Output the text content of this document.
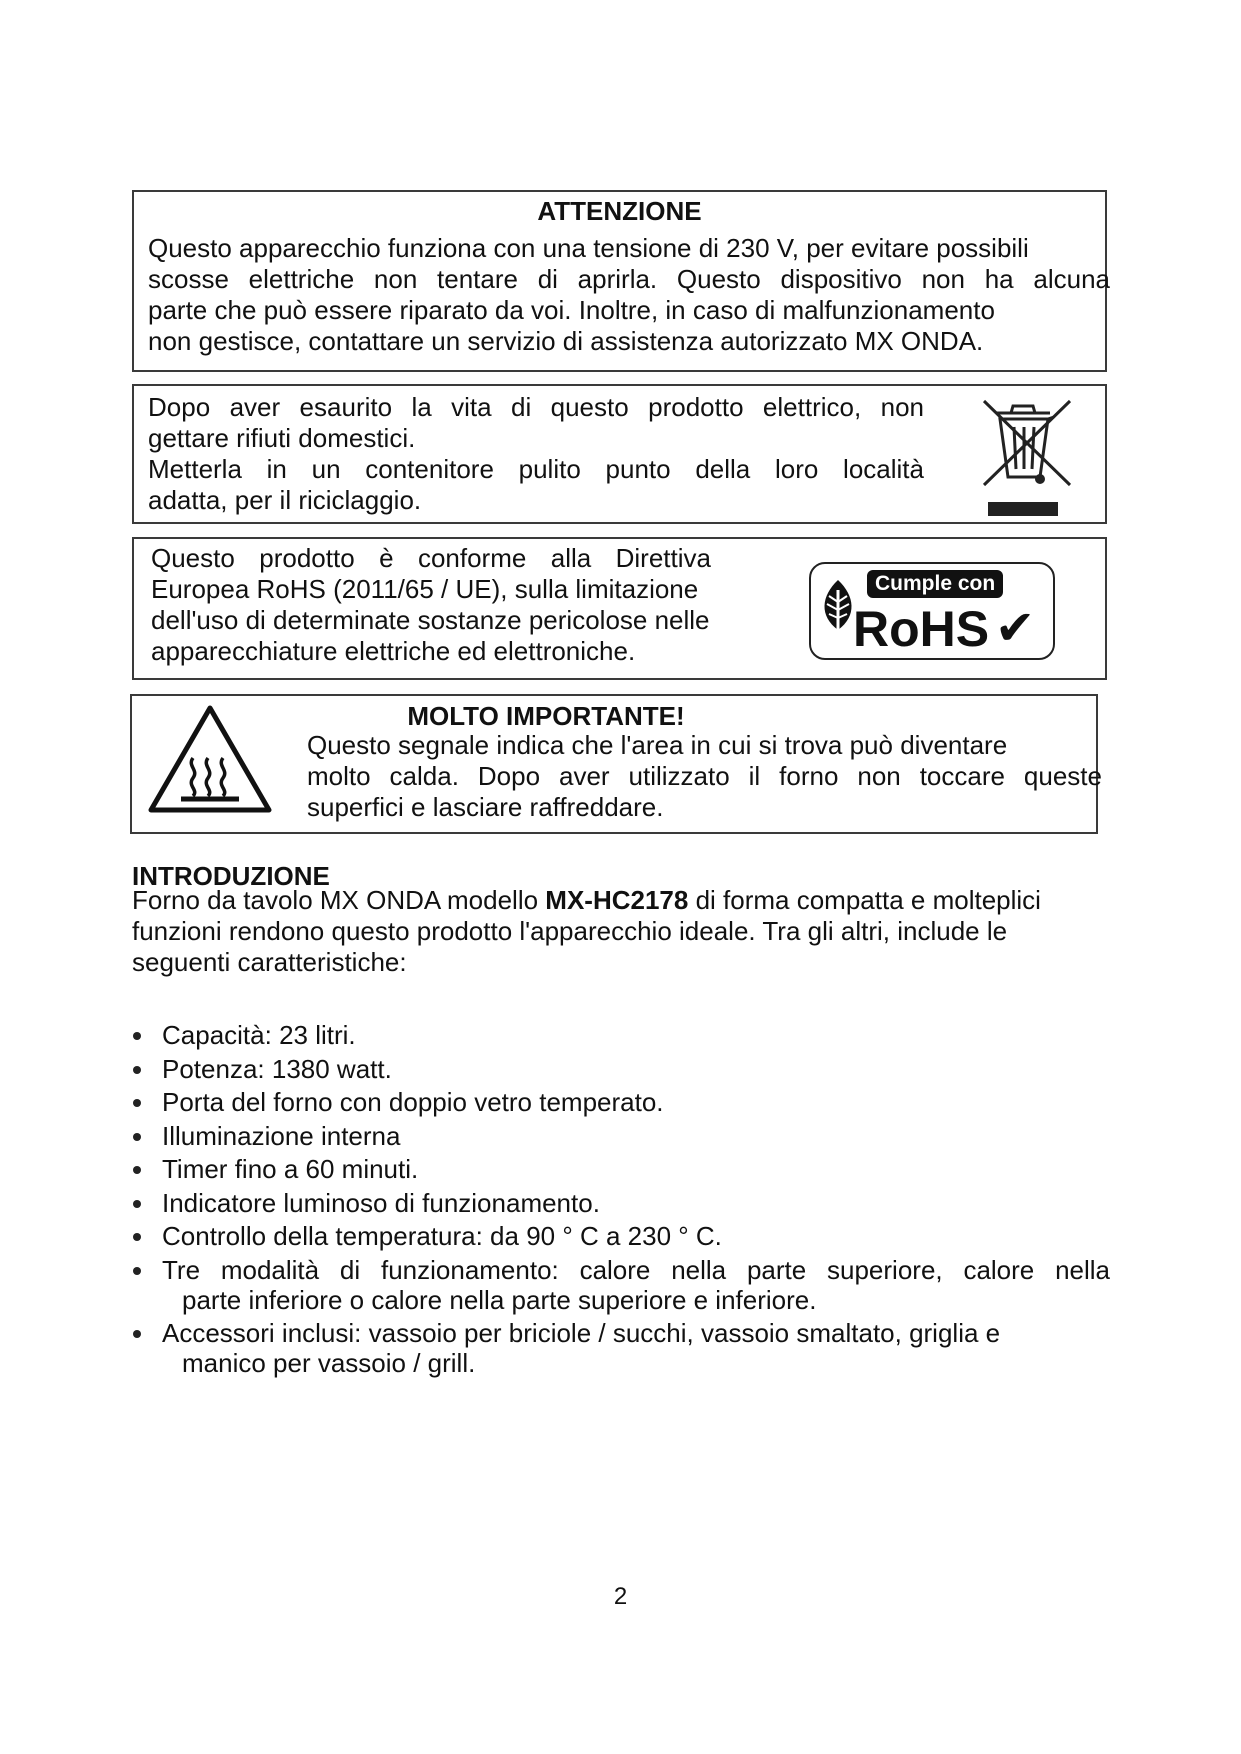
ATTENZIONE
Questo apparecchio funziona con una tensione di 230 V, per evitare possibili
scosse elettriche non tentare di aprirla. Questo dispositivo non ha alcuna
parte che può essere riparato da voi. Inoltre, in caso di malfunzionamento
non gestisce, contattare un servizio di assistenza autorizzato MX ONDA.
Dopo aver esaurito la vita di questo prodotto elettrico, non
gettare rifiuti domestici.
Metterla in un contenitore pulito punto della loro località
adatta, per il riciclaggio.
Questo prodotto è conforme alla Direttiva
Europea RoHS (2011/65 / UE), sulla limitazione
dell'uso di determinate sostanze pericolose nelle
apparecchiature elettriche ed elettroniche.
Cumple con
RoHS ✔
MOLTO IMPORTANTE!
Questo segnale indica che l'area in cui si trova può diventare
molto calda. Dopo aver utilizzato il forno non toccare queste
superfici e lasciare raffreddare.
INTRODUZIONE
Forno da tavolo MX ONDA modello MX-HC2178 di forma compatta e molteplici
funzioni rendono questo prodotto l'apparecchio ideale. Tra gli altri, include le
seguenti caratteristiche:
Capacità: 23 litri.
Potenza: 1380 watt.
Porta del forno con doppio vetro temperato.
Illuminazione interna
Timer fino a 60 minuti.
Indicatore luminoso di funzionamento.
Controllo della temperatura: da 90 ° C a 230 ° C.
Tre modalità di funzionamento: calore nella parte superiore, calore nella
parte inferiore o calore nella parte superiore e inferiore.
Accessori inclusi: vassoio per briciole / succhi, vassoio smaltato, griglia e
manico per vassoio / grill.
2
